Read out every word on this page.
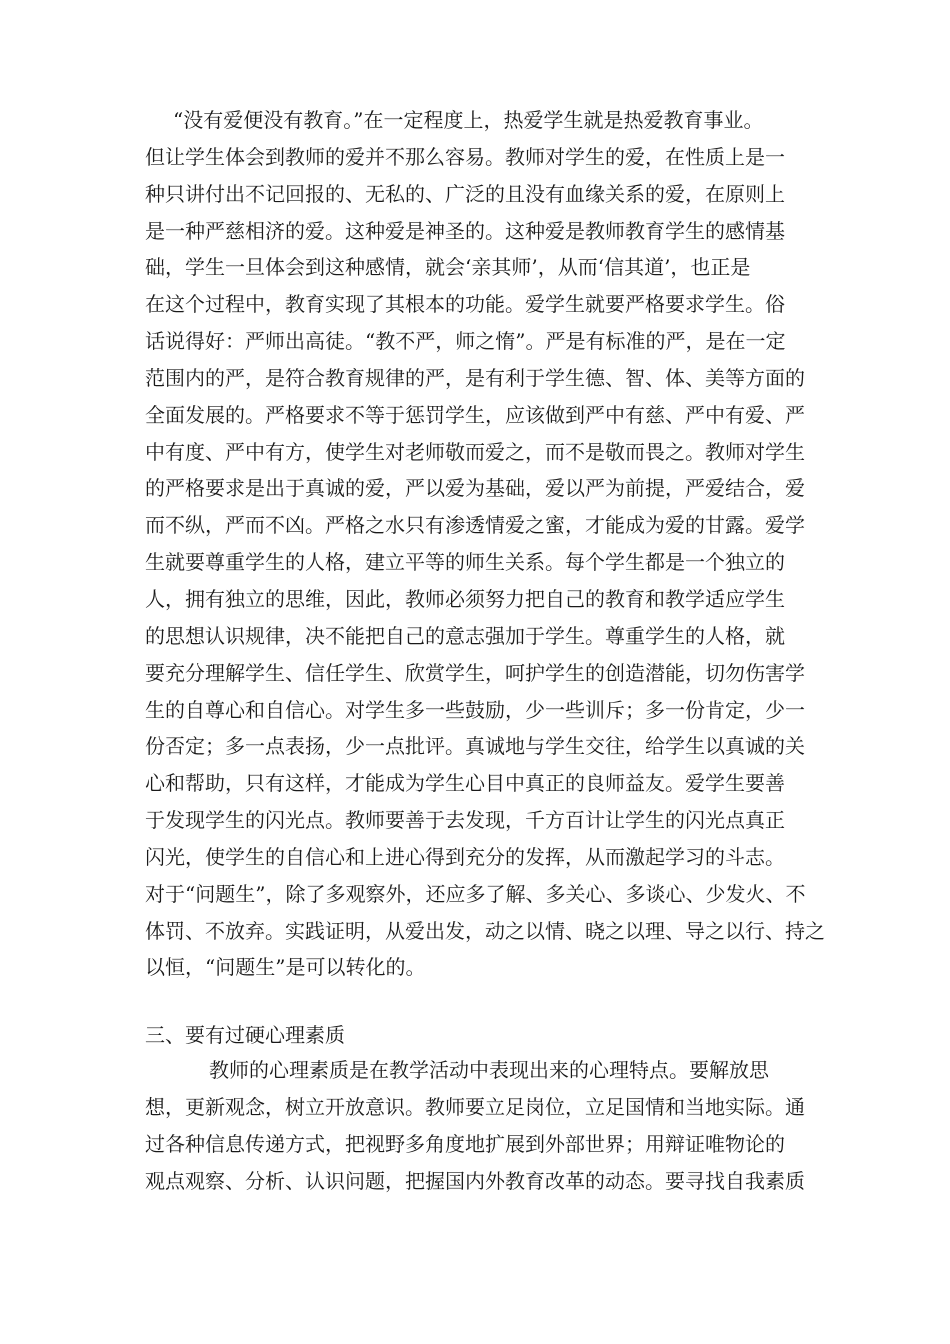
“没有爱便没有教育。”在一定程度上，热爱学生就是热爱教育事业。
但让学生体会到教师的爱并不那么容易。教师对学生的爱，在性质上是一
种只讲付出不记回报的、无私的、广泛的且没有血缘关系的爱，在原则上
是一种严慈相济的爱。这种爱是神圣的。这种爱是教师教育学生的感情基
础，学生一旦体会到这种感情，就会‘亲其师’，从而‘信其道’，也正是
在这个过程中，教育实现了其根本的功能。爱学生就要严格要求学生。俗
话说得好：严师出高徒。“教不严，师之惰”。严是有标准的严，是在一定
范围内的严，是符合教育规律的严，是有利于学生德、智、体、美等方面的
全面发展的。严格要求不等于惩罚学生，应该做到严中有慈、严中有爱、严
中有度、严中有方，使学生对老师敬而爱之，而不是敬而畏之。教师对学生
的严格要求是出于真诚的爱，严以爱为基础，爱以严为前提，严爱结合，爱
而不纵，严而不凶。严格之水只有渗透情爱之蜜，才能成为爱的甘露。爱学
生就要尊重学生的人格，建立平等的师生关系。每个学生都是一个独立的
人，拥有独立的思维，因此，教师必须努力把自己的教育和教学适应学生
的思想认识规律，决不能把自己的意志强加于学生。尊重学生的人格，就
要充分理解学生、信任学生、欣赏学生，呵护学生的创造潜能，切勿伤害学
生的自尊心和自信心。对学生多一些鼓励，少一些训斥；多一份肯定，少一
份否定；多一点表扬，少一点批评。真诚地与学生交往，给学生以真诚的关
心和帮助，只有这样，才能成为学生心目中真正的良师益友。爱学生要善
于发现学生的闪光点。教师要善于去发现，千方百计让学生的闪光点真正
闪光，使学生的自信心和上进心得到充分的发挥，从而激起学习的斗志。
对于“问题生”，除了多观察外，还应多了解、多关心、多谈心、少发火、不
体罚、不放弃。实践证明，从爱出发，动之以情、晓之以理、导之以行、持之
以恒，“问题生”是可以转化的。
三、要有过硬心理素质
教师的心理素质是在教学活动中表现出来的心理特点。要解放思
想，更新观念，树立开放意识。教师要立足岗位，立足国情和当地实际。通
过各种信息传递方式，把视野多角度地扩展到外部世界；用辩证唯物论的
观点观察、分析、认识问题，把握国内外教育改革的动态。要寻找自我素质
